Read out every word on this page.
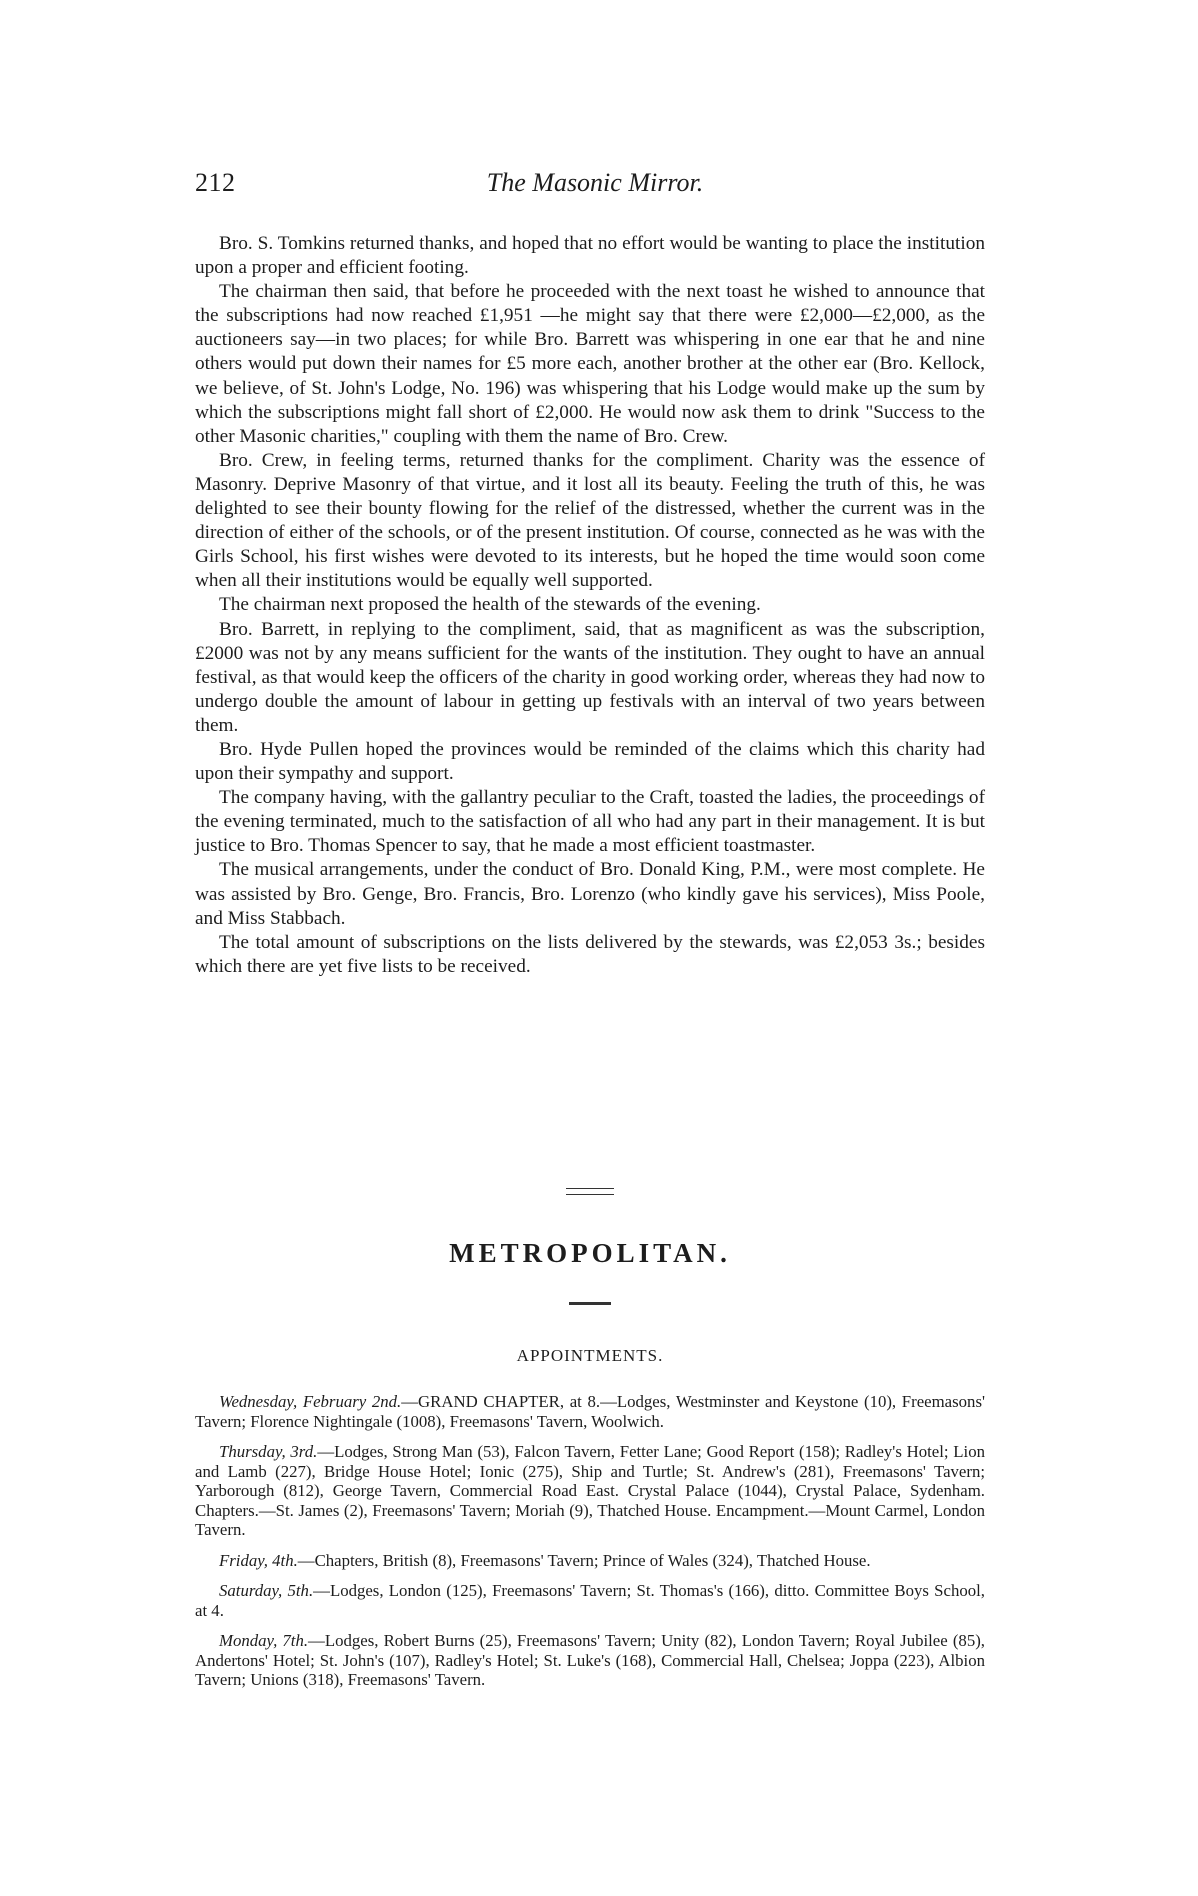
212	The Masonic Mirror.

Bro. S. Tomkins returned thanks, and hoped that no effort would be wanting to place the institution upon a proper and efficient footing.

The chairman then said, that before he proceeded with the next toast he wished to announce that the subscriptions had now reached £1,951 —he might say that there were £2,000—£2,000, as the auctioneers say—in two places; for while Bro. Barrett was whispering in one ear that he and nine others would put down their names for £5 more each, another brother at the other ear (Bro. Kellock, we believe, of St. John's Lodge, No. 196) was whispering that his Lodge would make up the sum by which the subscriptions might fall short of £2,000. He would now ask them to drink "Success to the other Masonic charities," coupling with them the name of Bro. Crew.

Bro. Crew, in feeling terms, returned thanks for the compliment. Charity was the essence of Masonry. Deprive Masonry of that virtue, and it lost all its beauty. Feeling the truth of this, he was delighted to see their bounty flowing for the relief of the distressed, whether the current was in the direction of either of the schools, or of the present institution. Of course, connected as he was with the Girls School, his first wishes were devoted to its interests, but he hoped the time would soon come when all their institutions would be equally well supported.

The chairman next proposed the health of the stewards of the evening.

Bro. Barrett, in replying to the compliment, said, that as magnificent as was the subscription, £2000 was not by any means sufficient for the wants of the institution. They ought to have an annual festival, as that would keep the officers of the charity in good working order, whereas they had now to undergo double the amount of labour in getting up festivals with an interval of two years between them.

Bro. Hyde Pullen hoped the provinces would be reminded of the claims which this charity had upon their sympathy and support.

The company having, with the gallantry peculiar to the Craft, toasted the ladies, the proceedings of the evening terminated, much to the satisfaction of all who had any part in their management. It is but justice to Bro. Thomas Spencer to say, that he made a most efficient toastmaster.

The musical arrangements, under the conduct of Bro. Donald King, P.M., were most complete. He was assisted by Bro. Genge, Bro. Francis, Bro. Lorenzo (who kindly gave his services), Miss Poole, and Miss Stabbach.

The total amount of subscriptions on the lists delivered by the stewards, was £2,053 3s.; besides which there are yet five lists to be received.

METROPOLITAN.
APPOINTMENTS.

Wednesday, February 2nd.—GRAND CHAPTER, at 8.—Lodges, Westminster and Keystone (10), Freemasons' Tavern; Florence Nightingale (1008), Freemasons' Tavern, Woolwich.

Thursday, 3rd.—Lodges, Strong Man (53), Falcon Tavern, Fetter Lane; Good Report (158); Radley's Hotel; Lion and Lamb (227), Bridge House Hotel; Ionic (275), Ship and Turtle; St. Andrew's (281), Freemasons' Tavern; Yarborough (812), George Tavern, Commercial Road East. Crystal Palace (1044), Crystal Palace, Sydenham. Chapters.—St. James (2), Freemasons' Tavern; Moriah (9), Thatched House. Encampment.—Mount Carmel, London Tavern.

Friday, 4th.—Chapters, British (8), Freemasons' Tavern; Prince of Wales (324), Thatched House.

Saturday, 5th.—Lodges, London (125), Freemasons' Tavern; St. Thomas's (166), ditto. Committee Boys School, at 4.

Monday, 7th.—Lodges, Robert Burns (25), Freemasons' Tavern; Unity (82), London Tavern; Royal Jubilee (85), Andertons' Hotel; St. John's (107), Radley's Hotel; St. Luke's (168), Commercial Hall, Chelsea; Joppa (223), Albion Tavern; Unions (318), Freemasons' Tavern.
